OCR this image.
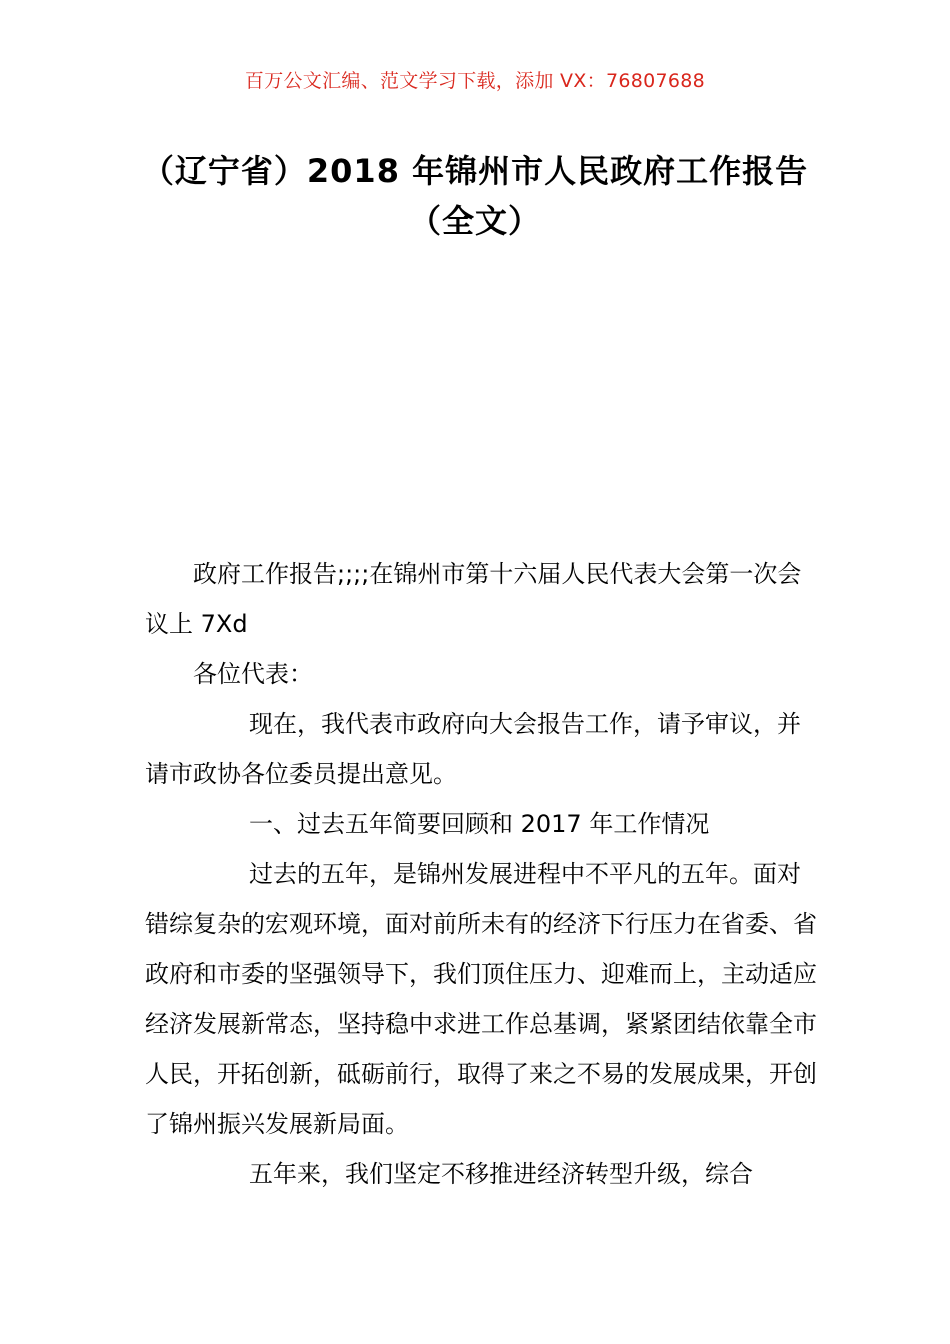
百万公文汇编、范文学习下载，添加 VX：76807688
（辽宁省）2018 年锦州市人民政府工作报告（全文）

政府工作报告;;;;在锦州市第十六届人民代表大会第一次会议上 7Xd

各位代表：

现在，我代表市政府向大会报告工作，请予审议，并请市政协各位委员提出意见。

一、过去五年简要回顾和 2017 年工作情况

过去的五年，是锦州发展进程中不平凡的五年。面对错综复杂的宏观环境，面对前所未有的经济下行压力在省委、省政府和市委的坚强领导下，我们顶住压力、迎难而上，主动适应经济发展新常态，坚持稳中求进工作总基调，紧紧团结依靠全市人民，开拓创新，砥砺前行，取得了来之不易的发展成果，开创了锦州振兴发展新局面。

五年来，我们坚定不移推进经济转型升级，综合
